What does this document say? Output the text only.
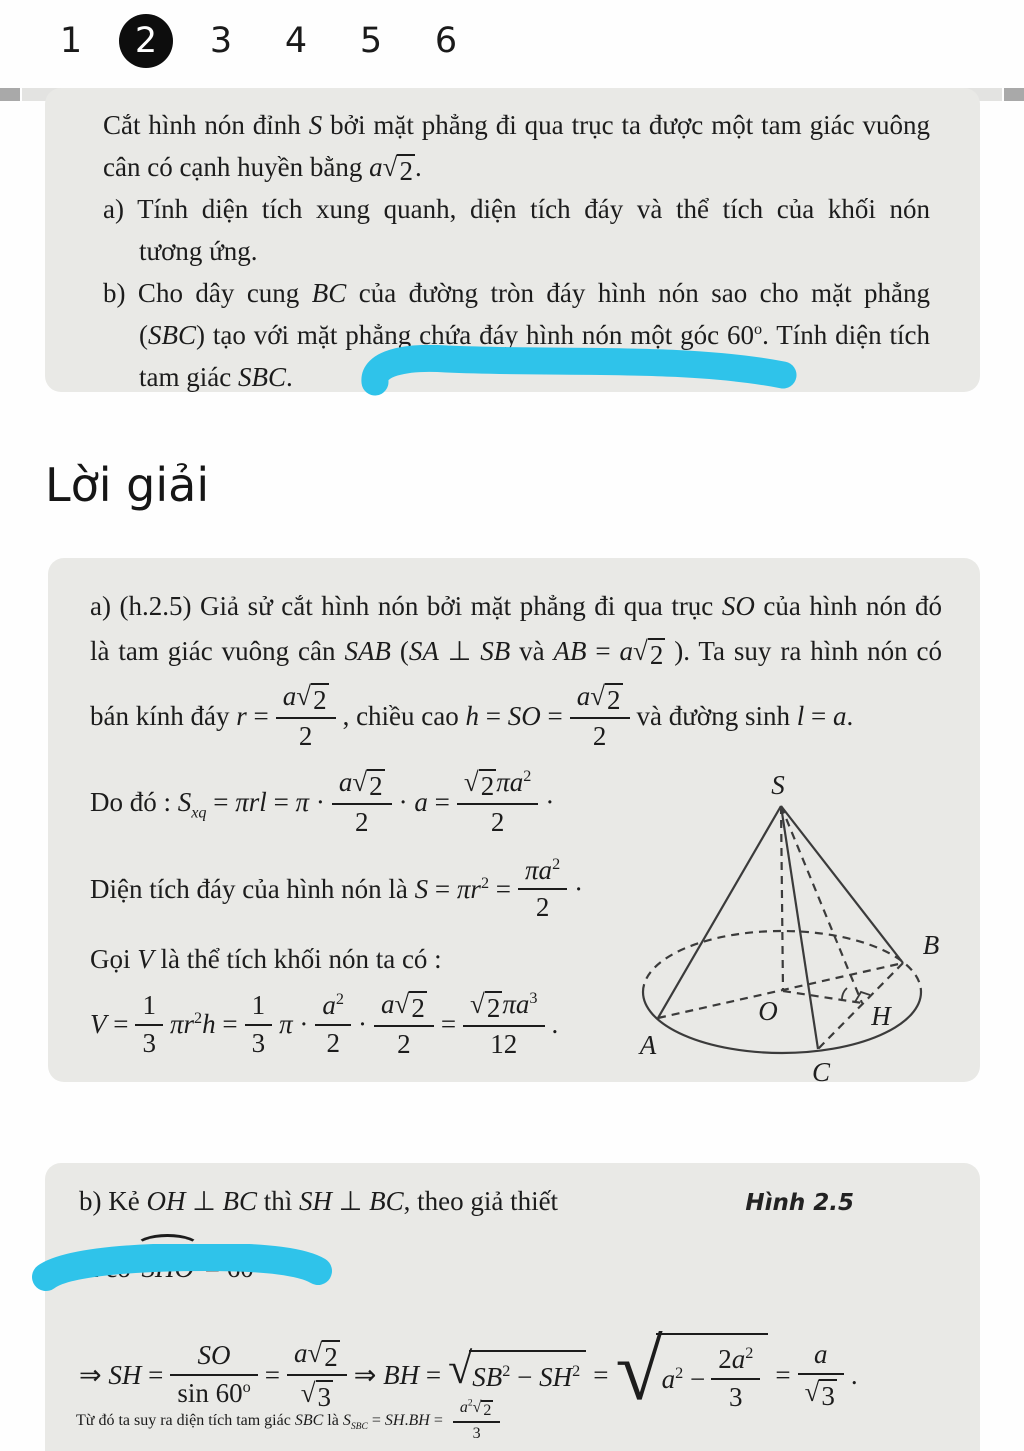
1	2	3	4	5	6
Cắt hình nón đỉnh S bởi mặt phẳng đi qua trục ta được một tam giác vuông
cân có cạnh huyền bằng a √ 2 .
a) Tính diện tích xung quanh, diện tích đáy và thể tích của khối nón
tương ứng.
b) Cho dây cung BC của đường tròn đáy hình nón sao cho mặt phẳng
(SBC) tạo với mặt phẳng chứa đáy hình nón một góc 60$^o$. Tính diện tích
tam giác SBC.
Lời giải
a) (h.2.5) Giả sử cắt hình nón bởi mặt phẳng đi qua trục SO của hình nón đó
là tam giác vuông cân SAB (SA ⊥ SB và AB = a √ 2 ). Ta suy ra hình nón có
bán kính đáy $r = \frac{a √ 2}{2}$ , chiều cao h = SO = $\frac{a √ 2}{2}$ và đường sinh l = a.
Do đó : $S_{xq} = \pi rl = \pi$ ·
a √ 2
2
· $a = \frac{√ 2 \pi a^2}{2}$ ·
Diện tích đáy của hình nón là $S = \pi r^2 = \frac{\pi a^2}{2}$ ·
Gọi V là thể tích khối nón ta có :
$V = \frac{1}{3} \pi r^2h = \frac{1}{3}$ π ·
$a^2$
2
· $\frac{a √ 2}{2} = \frac{√ 2 \pi a^3}{12}$ .
S
A
B
C
O	H
b) Kẻ OH ⊥ BC thì SH ⊥ BC, theo giả thiết	Hình 2.5
ta có SHO = $60^o$
⇒ SH = $\frac{SO}{\sin 60^o} = \frac{a √ 2}{√ 3}$ ⇒ BH = √ $SB^2 - SH^2$ = √ $a^2 - \frac{2a^2}{3} = \frac{a}{√ 3}$ .
Từ đó ta suy ra diện tích tam giác SBC là $S_{SBC} = SH.BH = \frac{a^2 √ 2}{3}$
